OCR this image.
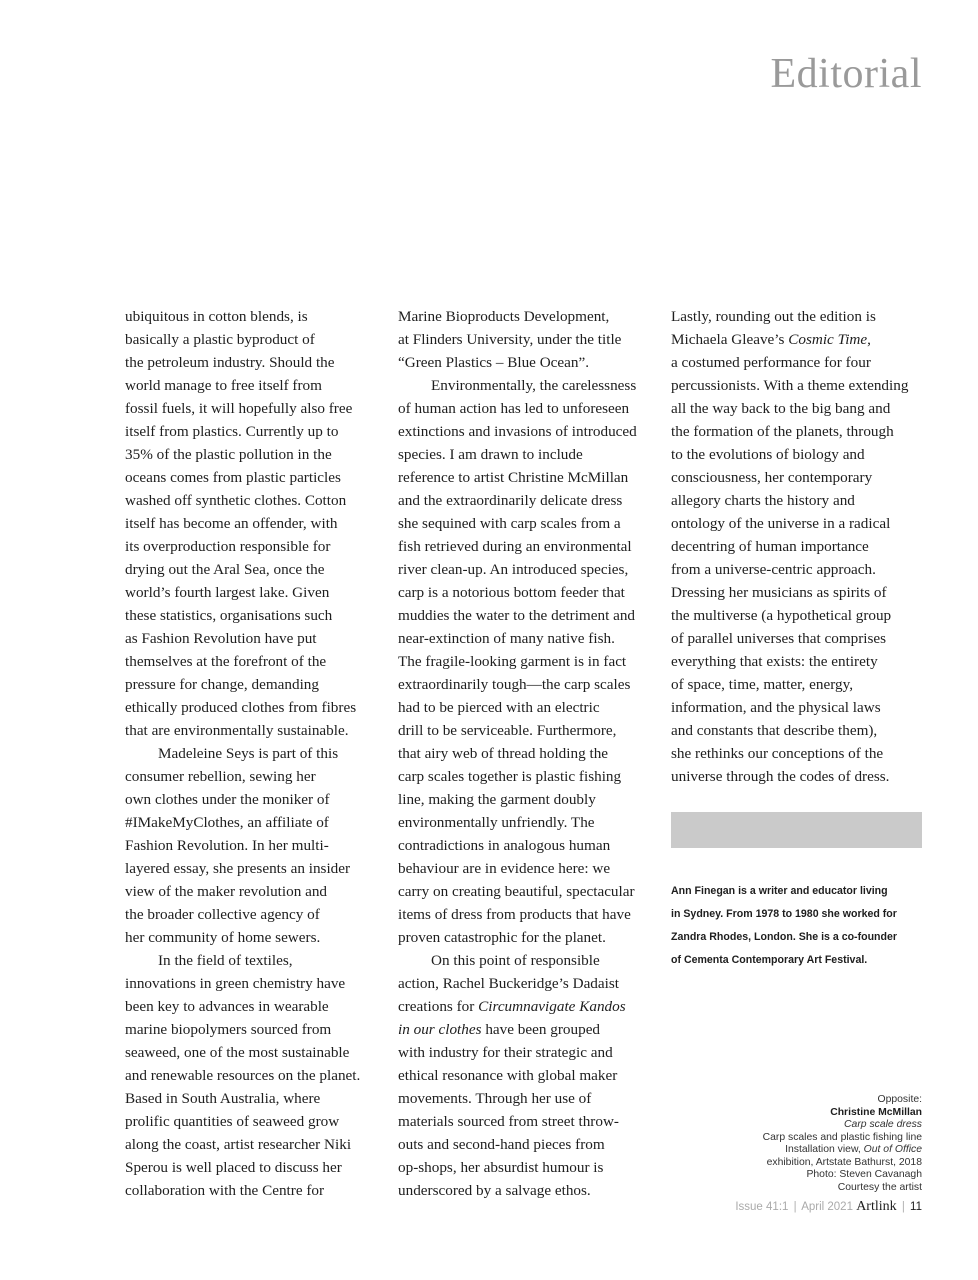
Editorial

ubiquitous in cotton blends, is
basically a plastic byproduct of
the petroleum industry. Should the
world manage to free itself from
fossil fuels, it will hopefully also free
itself from plastics. Currently up to
35% of the plastic pollution in the
oceans comes from plastic particles
washed off synthetic clothes. Cotton
itself has become an offender, with
its overproduction responsible for
drying out the Aral Sea, once the
world’s fourth largest lake. Given
these statistics, organisations such
as Fashion Revolution have put
themselves at the forefront of the
pressure for change, demanding
ethically produced clothes from fibres
that are environmentally sustainable.

Madeleine Seys is part of this
consumer rebellion, sewing her
own clothes under the moniker of
#IMakeMyClothes, an affiliate of
Fashion Revolution. In her multi-
layered essay, she presents an insider
view of the maker revolution and
the broader collective agency of
her community of home sewers.

In the field of textiles,
innovations in green chemistry have
been key to advances in wearable
marine biopolymers sourced from
seaweed, one of the most sustainable
and renewable resources on the planet.
Based in South Australia, where
prolific quantities of seaweed grow
along the coast, artist researcher Niki
Sperou is well placed to discuss her
collaboration with the Centre for

Marine Bioproducts Development,
at Flinders University, under the title
“Green Plastics – Blue Ocean”.

Environmentally, the carelessness
of human action has led to unforeseen
extinctions and invasions of introduced
species. I am drawn to include
reference to artist Christine McMillan
and the extraordinarily delicate dress
she sequined with carp scales from a
fish retrieved during an environmental
river clean-up. An introduced species,
carp is a notorious bottom feeder that
muddies the water to the detriment and
near-extinction of many native fish.
The fragile-looking garment is in fact
extraordinarily tough—the carp scales
had to be pierced with an electric
drill to be serviceable. Furthermore,
that airy web of thread holding the
carp scales together is plastic fishing
line, making the garment doubly
environmentally unfriendly. The
contradictions in analogous human
behaviour are in evidence here: we
carry on creating beautiful, spectacular
items of dress from products that have
proven catastrophic for the planet.

On this point of responsible
action, Rachel Buckeridge’s Dadaist
creations for Circumnavigate Kandos
in our clothes have been grouped
with industry for their strategic and
ethical resonance with global maker
movements. Through her use of
materials sourced from street throw-
outs and second-hand pieces from
op-shops, her absurdist humour is
underscored by a salvage ethos.

Lastly, rounding out the edition is
Michaela Gleave’s Cosmic Time,
a costumed performance for four
percussionists. With a theme extending
all the way back to the big bang and
the formation of the planets, through
to the evolutions of biology and
consciousness, her contemporary
allegory charts the history and
ontology of the universe in a radical
decentring of human importance
from a universe-centric approach.
Dressing her musicians as spirits of
the multiverse (a hypothetical group
of parallel universes that comprises
everything that exists: the entirety
of space, time, matter, energy,
information, and the physical laws
and constants that describe them),
she rethinks our conceptions of the
universe through the codes of dress.

Ann Finegan is a writer and educator living
in Sydney. From 1978 to 1980 she worked for
Zandra Rhodes, London. She is a co-founder
of Cementa Contemporary Art Festival.
Opposite:
Christine McMillan
Carp scale dress
Carp scales and plastic fishing line
Installation view, Out of Office
exhibition, Artstate Bathurst, 2018
Photo: Steven Cavanagh
Courtesy the artist
Issue 41:1 | April 2021 Artlink | 11
